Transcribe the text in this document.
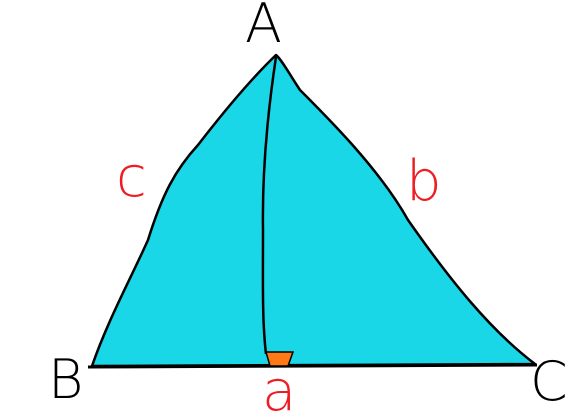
A
B	C
c	b
a
